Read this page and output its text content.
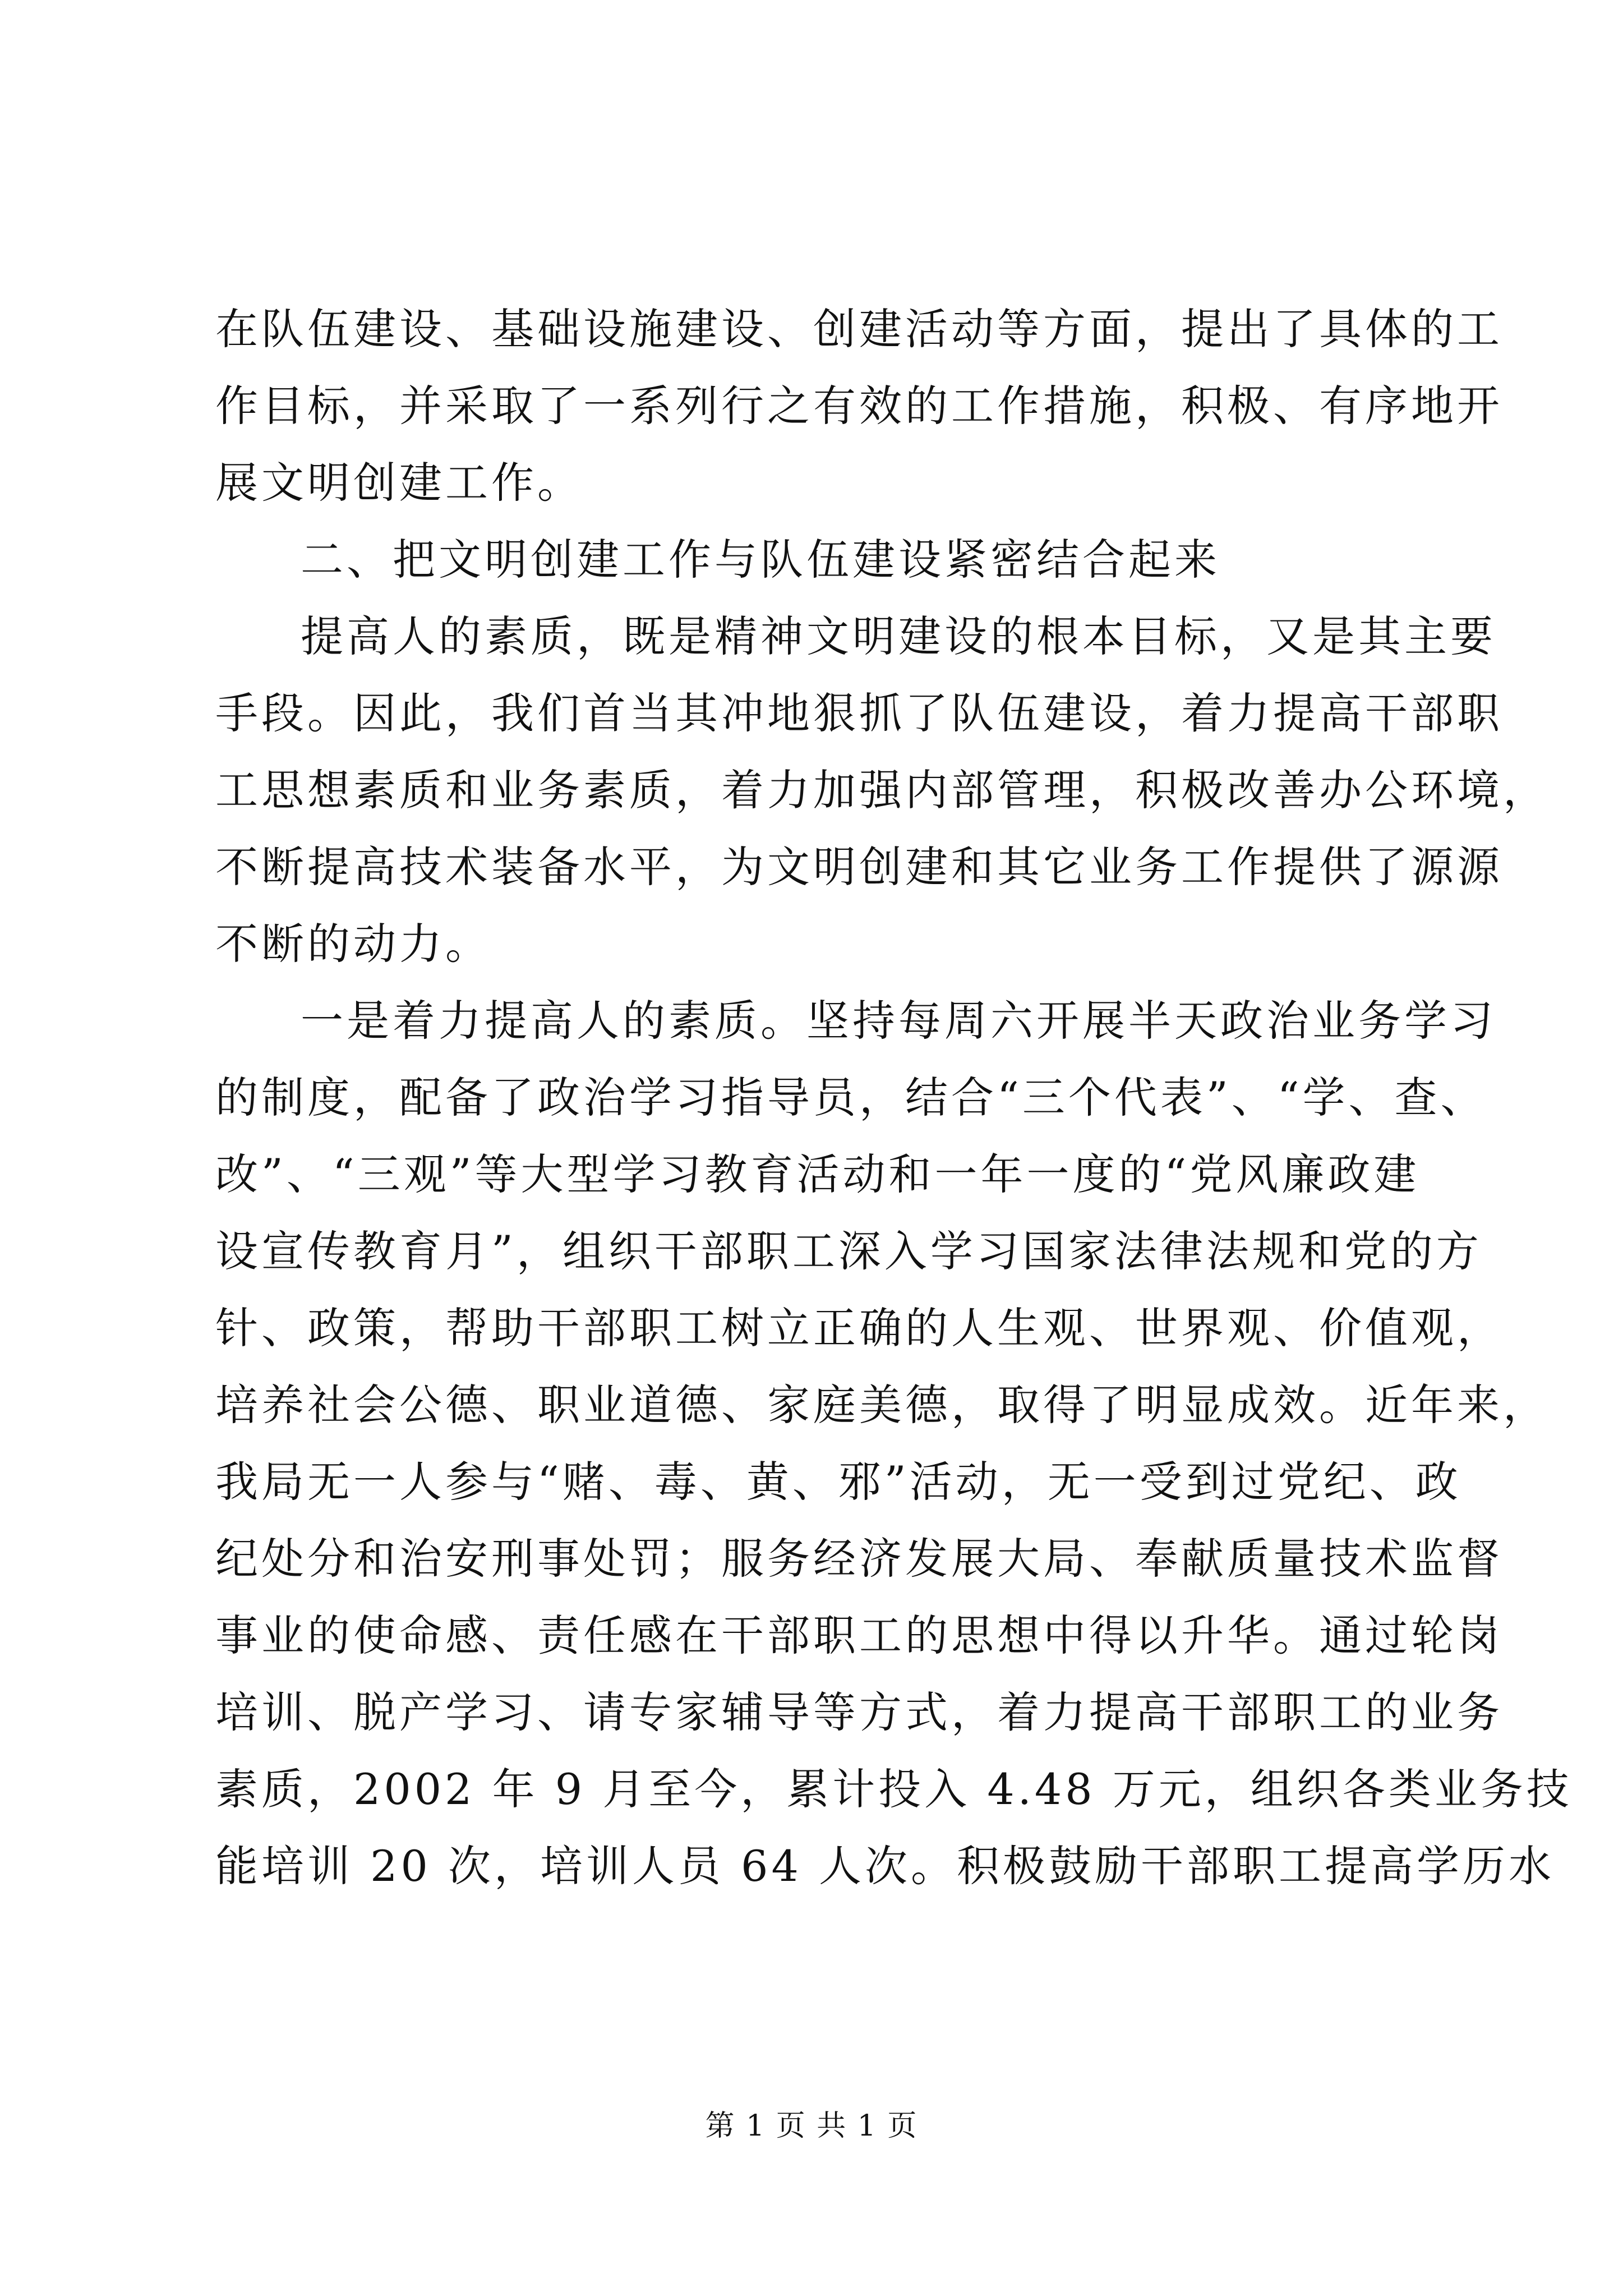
在队伍建设、基础设施建设、创建活动等方面，提出了具体的工
作目标，并采取了一系列行之有效的工作措施，积极、有序地开
展文明创建工作。
二、把文明创建工作与队伍建设紧密结合起来
提高人的素质，既是精神文明建设的根本目标，又是其主要
手段。因此，我们首当其冲地狠抓了队伍建设，着力提高干部职
工思想素质和业务素质，着力加强内部管理，积极改善办公环境，
不断提高技术装备水平，为文明创建和其它业务工作提供了源源
不断的动力。
一是着力提高人的素质。坚持每周六开展半天政治业务学习
的制度，配备了政治学习指导员，结合“三个代表”、“学、查、
改”、“三观”等大型学习教育活动和一年一度的“党风廉政建
设宣传教育月”，组织干部职工深入学习国家法律法规和党的方
针、政策，帮助干部职工树立正确的人生观、世界观、价值观，
培养社会公德、职业道德、家庭美德，取得了明显成效。近年来，
我局无一人参与“赌、毒、黄、邪”活动，无一受到过党纪、政
纪处分和治安刑事处罚；服务经济发展大局、奉献质量技术监督
事业的使命感、责任感在干部职工的思想中得以升华。通过轮岗
培训、脱产学习、请专家辅导等方式，着力提高干部职工的业务
素质，2002 年 9 月至今，累计投入 4.48 万元，组织各类业务技
能培训 20 次，培训人员 64 人次。积极鼓励干部职工提高学历水
第 1 页 共 1 页
